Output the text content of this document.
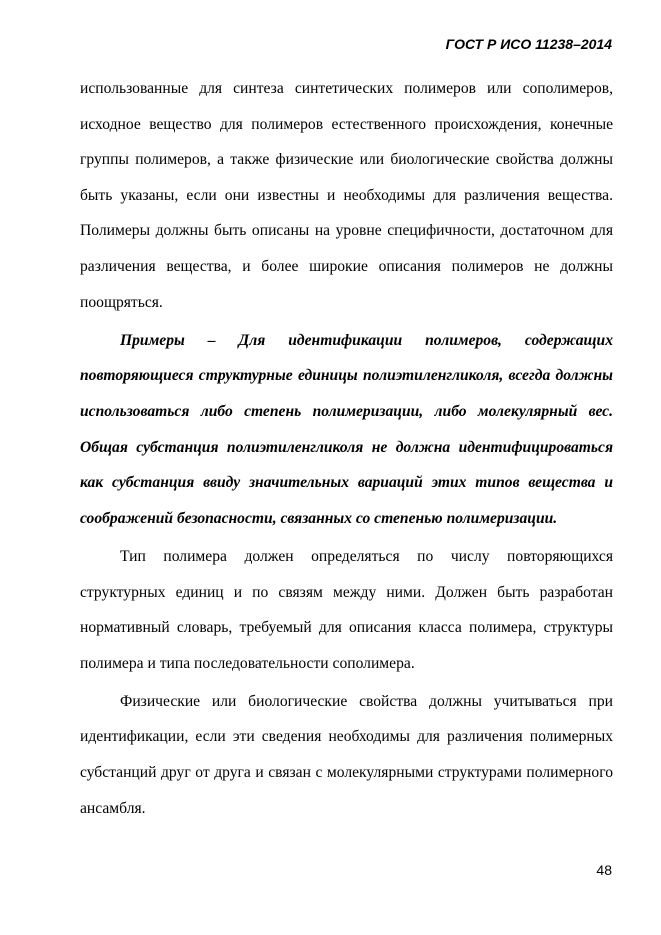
ГОСТ Р ИСО 11238–2014

использованные для синтеза синтетических полимеров или сополимеров, исходное вещество для полимеров естественного происхождения, конечные группы полимеров, а также физические или биологические свойства должны быть указаны, если они известны и необходимы для различения вещества. Полимеры должны быть описаны на уровне специфичности, достаточном для различения вещества, и более широкие описания полимеров не должны поощряться.

Примеры – Для идентификации полимеров, содержащих повторяющиеся структурные единицы полиэтиленгликоля, всегда должны использоваться либо степень полимеризации, либо молекулярный вес. Общая субстанция полиэтиленгликоля не должна идентифицироваться как субстанция ввиду значительных вариаций этих типов вещества и соображений безопасности, связанных со степенью полимеризации.

Тип полимера должен определяться по числу повторяющихся структурных единиц и по связям между ними. Должен быть разработан нормативный словарь, требуемый для описания класса полимера, структуры полимера и типа последовательности сополимера.

Физические или биологические свойства должны учитываться при идентификации, если эти сведения необходимы для различения полимерных субстанций друг от друга и связан с молекулярными структурами полимерного ансамбля.

48
